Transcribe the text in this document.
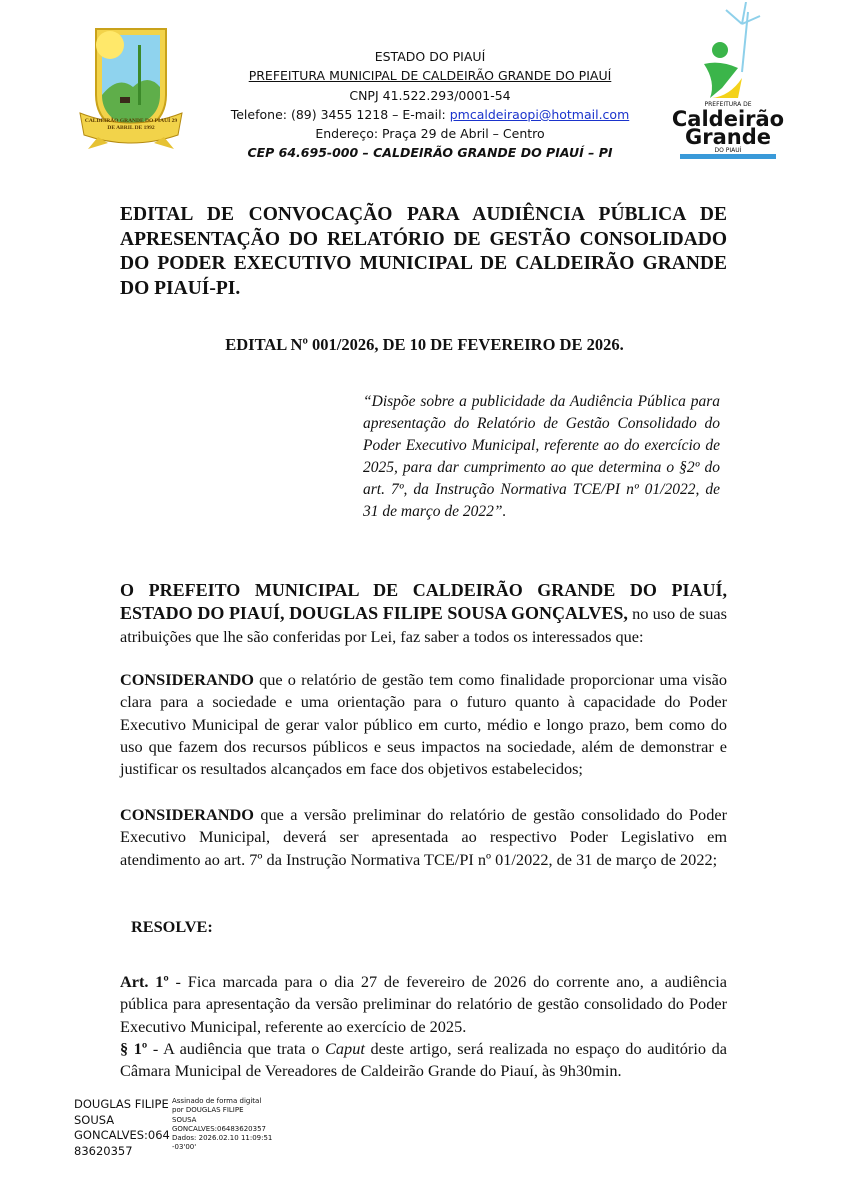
CALDEIRÃO GRANDE DO PIAUÍ 29 DE ABRIL DE 1992
ESTADO DO PIAUÍ
PREFEITURA MUNICIPAL DE CALDEIRÃO GRANDE DO PIAUÍ
CNPJ 41.522.293/0001-54
Telefone: (89) 3455 1218 – E-mail: pmcaldeiraopi@hotmail.com
Endereço: Praça 29 de Abril – Centro
CEP 64.695-000 – CALDEIRÃO GRANDE DO PIAUÍ – PI
PREFEITURA DE
Caldeirão
Grande
DO PIAUÍ
EDITAL DE CONVOCAÇÃO PARA AUDIÊNCIA PÚBLICA DE APRESENTAÇÃO DO RELATÓRIO DE GESTÃO CONSOLIDADO DO PODER EXECUTIVO MUNICIPAL DE CALDEIRÃO GRANDE DO PIAUÍ-PI.
EDITAL Nº 001/2026, DE 10 DE FEVEREIRO DE 2026.
“Dispõe sobre a publicidade da Audiência Pública para apresentação do Relatório de Gestão Consolidado do Poder Executivo Municipal, referente ao do exercício de 2025, para dar cumprimento ao que determina o §2º do art. 7º, da Instrução Normativa TCE/PI nº 01/2022, de 31 de março de 2022”.
O PREFEITO MUNICIPAL DE CALDEIRÃO GRANDE DO PIAUÍ, ESTADO DO PIAUÍ, DOUGLAS FILIPE SOUSA GONÇALVES, no uso de suas atribuições que lhe são conferidas por Lei, faz saber a todos os interessados que:
CONSIDERANDO que o relatório de gestão tem como finalidade proporcionar uma visão clara para a sociedade e uma orientação para o futuro quanto à capacidade do Poder Executivo Municipal de gerar valor público em curto, médio e longo prazo, bem como do uso que fazem dos recursos públicos e seus impactos na sociedade, além de demonstrar e justificar os resultados alcançados em face dos objetivos estabelecidos;
CONSIDERANDO que a versão preliminar do relatório de gestão consolidado do Poder Executivo Municipal, deverá ser apresentada ao respectivo Poder Legislativo em atendimento ao art. 7º da Instrução Normativa TCE/PI nº 01/2022, de 31 de março de 2022;
RESOLVE:
Art. 1º - Fica marcada para o dia 27 de fevereiro de 2026 do corrente ano, a audiência pública para apresentação da versão preliminar do relatório de gestão consolidado do Poder Executivo Municipal, referente ao exercício de 2025.
§ 1º - A audiência que trata o Caput deste artigo, será realizada no espaço do auditório da Câmara Municipal de Vereadores de Caldeirão Grande do Piauí, às 9h30min.
DOUGLAS FILIPE
SOUSA
GONCALVES:064
83620357
Assinado de forma digital
por DOUGLAS FILIPE
SOUSA
GONCALVES:06483620357
Dados: 2026.02.10 11:09:51
-03'00'
